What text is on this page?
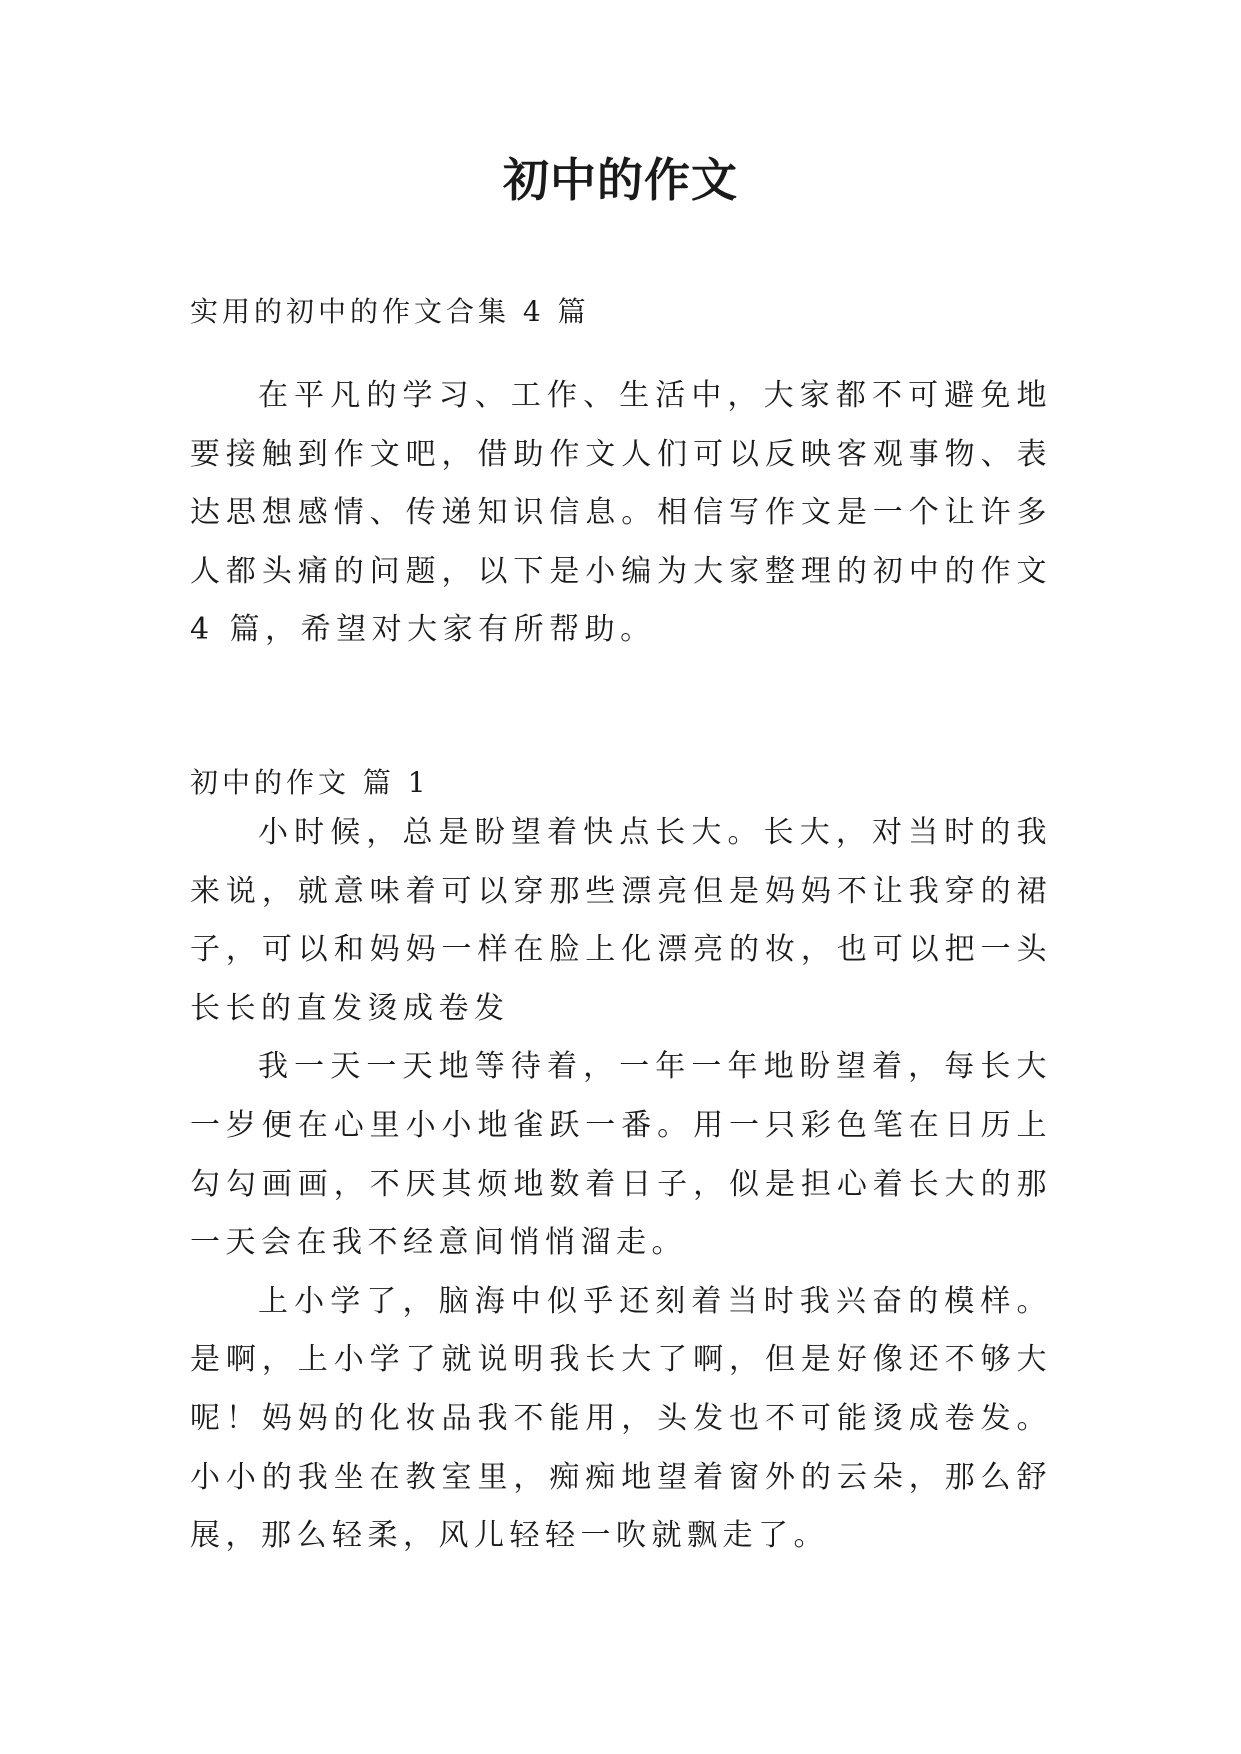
初中的作文

实用的初中的作文合集 4 篇

在平凡的学习、工作、生活中，大家都不可避免地要接触到作文吧，借助作文人们可以反映客观事物、表达思想感情、传递知识信息。相信写作文是一个让许多人都头痛的问题，以下是小编为大家整理的初中的作文 4 篇，希望对大家有所帮助。

初中的作文 篇 1

小时候，总是盼望着快点长大。长大，对当时的我来说，就意味着可以穿那些漂亮但是妈妈不让我穿的裙子，可以和妈妈一样在脸上化漂亮的妆，也可以把一头长长的直发烫成卷发

我一天一天地等待着，一年一年地盼望着，每长大一岁便在心里小小地雀跃一番。用一只彩色笔在日历上勾勾画画，不厌其烦地数着日子，似是担心着长大的那一天会在我不经意间悄悄溜走。

上小学了，脑海中似乎还刻着当时我兴奋的模样。是啊，上小学了就说明我长大了啊，但是好像还不够大呢！妈妈的化妆品我不能用，头发也不可能烫成卷发。小小的我坐在教室里，痴痴地望着窗外的云朵，那么舒展，那么轻柔，风儿轻轻一吹就飘走了。
